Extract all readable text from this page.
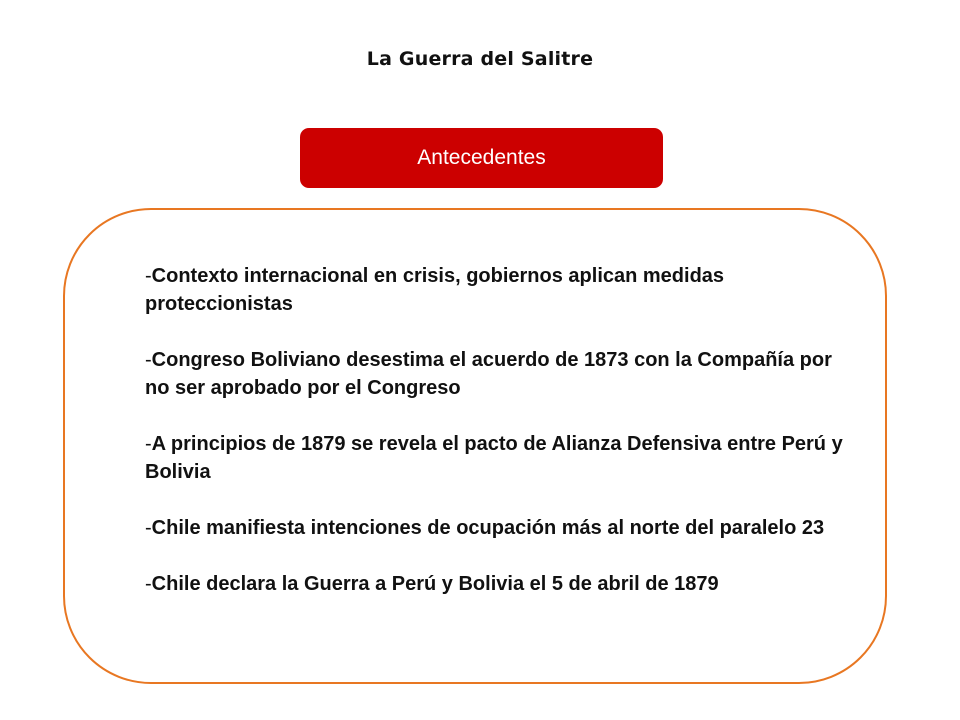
La Guerra del Salitre
Antecedentes
-Contexto internacional en crisis, gobiernos aplican medidas proteccionistas
-Congreso Boliviano desestima el acuerdo de 1873 con la Compañía por no ser aprobado por el Congreso
-A principios de 1879 se revela el pacto de Alianza Defensiva entre Perú y Bolivia
-Chile manifiesta intenciones de ocupación más al norte del paralelo 23
-Chile declara la Guerra a Perú y Bolivia el 5 de abril de 1879
